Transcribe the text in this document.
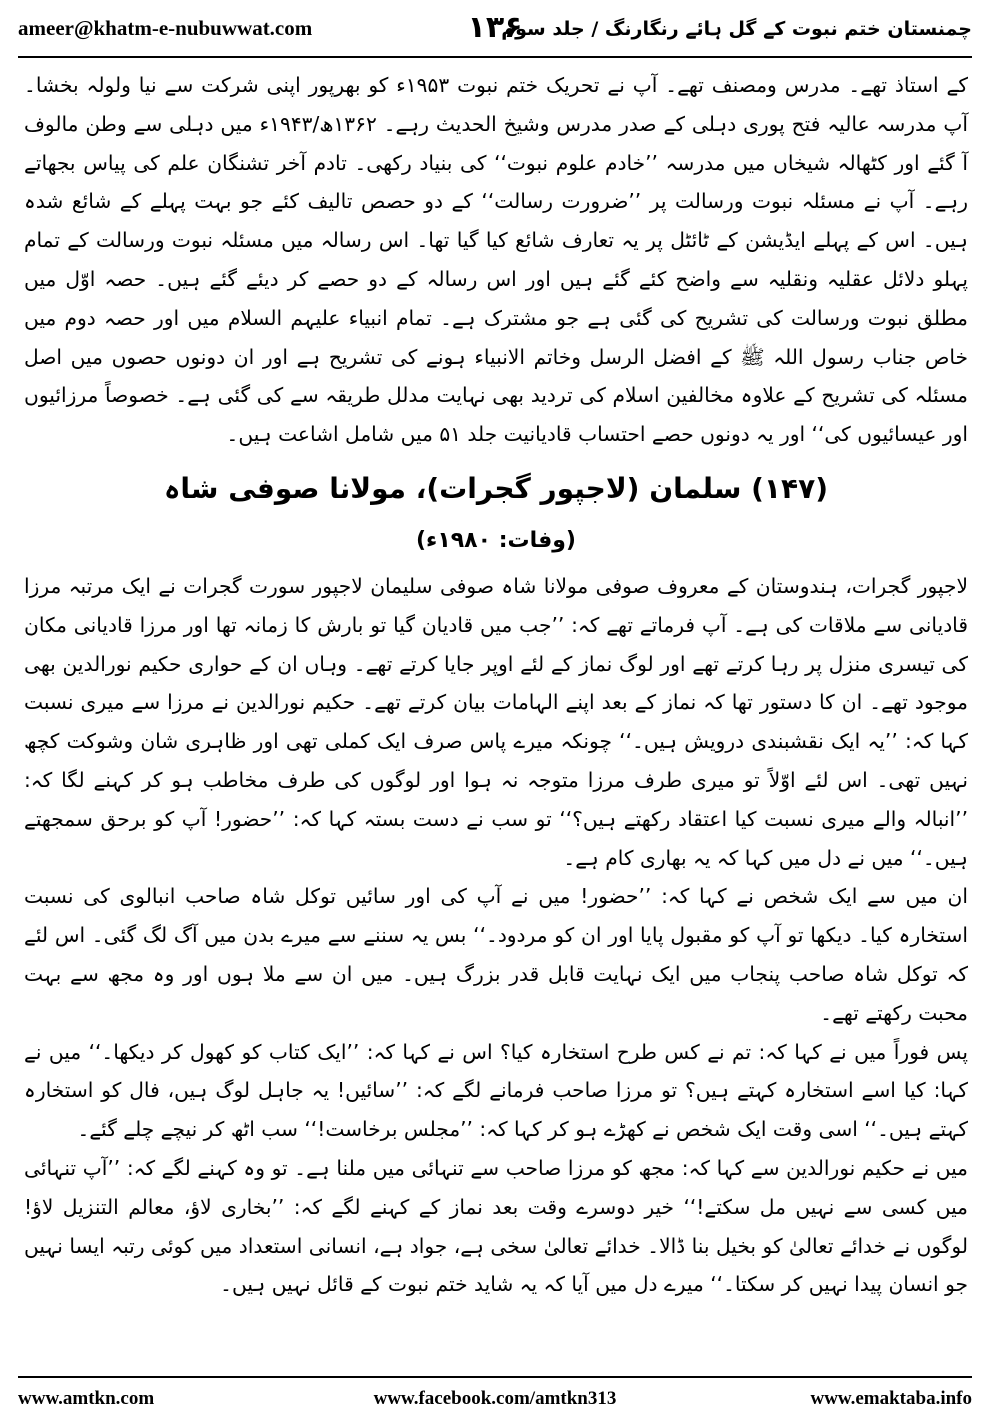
ameer@khatm-e-nubuwwat.com	۱۳۶
چمنستان ختم نبوت کے گل ہائے رنگارنگ / جلد سوم

کے استاذ تھے۔ مدرس ومصنف تھے۔ آپ نے تحریک ختم نبوت ۱۹۵۳ء کو بھرپور اپنی شرکت سے نیا ولولہ بخشا۔ آپ مدرسہ عالیہ فتح پوری دہلی کے صدر مدرس وشیخ الحدیث رہے۔ ۱۳۶۲ھ/۱۹۴۳ء میں دہلی سے وطن مالوف آ گئے اور کٹھالہ شیخاں میں مدرسہ ’’خادم علوم نبوت‘‘ کی بنیاد رکھی۔ تادم آخر تشنگان علم کی پیاس بجھاتے رہے۔ آپ نے مسئلہ نبوت ورسالت پر ’’ضرورت رسالت‘‘ کے دو حصص تالیف کئے جو بہت پہلے کے شائع شدہ ہیں۔ اس کے پہلے ایڈیشن کے ٹائٹل پر یہ تعارف شائع کیا گیا تھا۔ اس رسالہ میں مسئلہ نبوت ورسالت کے تمام پہلو دلائل عقلیہ ونقلیہ سے واضح کئے گئے ہیں اور اس رسالہ کے دو حصے کر دیئے گئے ہیں۔ حصہ اوّل میں مطلق نبوت ورسالت کی تشریح کی گئی ہے جو مشترک ہے۔ تمام انبیاء علیہم السلام میں اور حصہ دوم میں خاص جناب رسول اللہ ﷺ کے افضل الرسل وخاتم الانبیاء ہونے کی تشریح ہے اور ان دونوں حصوں میں اصل مسئلہ کی تشریح کے علاوہ مخالفین اسلام کی تردید بھی نہایت مدلل طریقہ سے کی گئی ہے۔ خصوصاً مرزائیوں اور عیسائیوں کی‘‘ اور یہ دونوں حصے احتساب قادیانیت جلد ۵۱ میں شامل اشاعت ہیں۔

(۱۴۷) سلمان (لاجپور گجرات)، مولانا صوفی شاہ
(وفات: ۱۹۸۰ء)

لاجپور گجرات، ہندوستان کے معروف صوفی مولانا شاہ صوفی سلیمان لاجپور سورت گجرات نے ایک مرتبہ مرزا قادیانی سے ملاقات کی ہے۔ آپ فرماتے تھے کہ: ’’جب میں قادیان گیا تو بارش کا زمانہ تھا اور مرزا قادیانی مکان کی تیسری منزل پر رہا کرتے تھے اور لوگ نماز کے لئے اوپر جایا کرتے تھے۔ وہاں ان کے حواری حکیم نورالدین بھی موجود تھے۔ ان کا دستور تھا کہ نماز کے بعد اپنے الہامات بیان کرتے تھے۔ حکیم نورالدین نے مرزا سے میری نسبت کہا کہ: ’’یہ ایک نقشبندی درویش ہیں۔‘‘ چونکہ میرے پاس صرف ایک کملی تھی اور ظاہری شان وشوکت کچھ نہیں تھی۔ اس لئے اوّلاً تو میری طرف مرزا متوجہ نہ ہوا اور لوگوں کی طرف مخاطب ہو کر کہنے لگا کہ: ’’انبالہ والے میری نسبت کیا اعتقاد رکھتے ہیں؟‘‘ تو سب نے دست بستہ کہا کہ: ’’حضور! آپ کو برحق سمجھتے ہیں۔‘‘ میں نے دل میں کہا کہ یہ بھاری کام ہے۔

ان میں سے ایک شخص نے کہا کہ: ’’حضور! میں نے آپ کی اور سائیں توکل شاہ صاحب انبالوی کی نسبت استخارہ کیا۔ دیکھا تو آپ کو مقبول پایا اور ان کو مردود۔‘‘ بس یہ سننے سے میرے بدن میں آگ لگ گئی۔ اس لئے کہ توکل شاہ صاحب پنجاب میں ایک نہایت قابل قدر بزرگ ہیں۔ میں ان سے ملا ہوں اور وہ مجھ سے بہت محبت رکھتے تھے۔

پس فوراً میں نے کہا کہ: تم نے کس طرح استخارہ کیا؟ اس نے کہا کہ: ’’ایک کتاب کو کھول کر دیکھا۔‘‘ میں نے کہا: کیا اسے استخارہ کہتے ہیں؟ تو مرزا صاحب فرمانے لگے کہ: ’’سائیں! یہ جاہل لوگ ہیں، فال کو استخارہ کہتے ہیں۔‘‘ اسی وقت ایک شخص نے کھڑے ہو کر کہا کہ: ’’مجلس برخاست!‘‘ سب اٹھ کر نیچے چلے گئے۔

میں نے حکیم نورالدین سے کہا کہ: مجھ کو مرزا صاحب سے تنہائی میں ملنا ہے۔ تو وہ کہنے لگے کہ: ’’آپ تنہائی میں کسی سے نہیں مل سکتے!‘‘ خیر دوسرے وقت بعد نماز کے کہنے لگے کہ: ’’بخاری لاؤ، معالم التنزیل لاؤ! لوگوں نے خدائے تعالیٰ کو بخیل بنا ڈالا۔ خدائے تعالیٰ سخی ہے، جواد ہے، انسانی استعداد میں کوئی رتبہ ایسا نہیں جو انسان پیدا نہیں کر سکتا۔‘‘ میرے دل میں آیا کہ یہ شاید ختم نبوت کے قائل نہیں ہیں۔

www.amtkn.com	www.facebook.com/amtkn313	www.emaktaba.info
